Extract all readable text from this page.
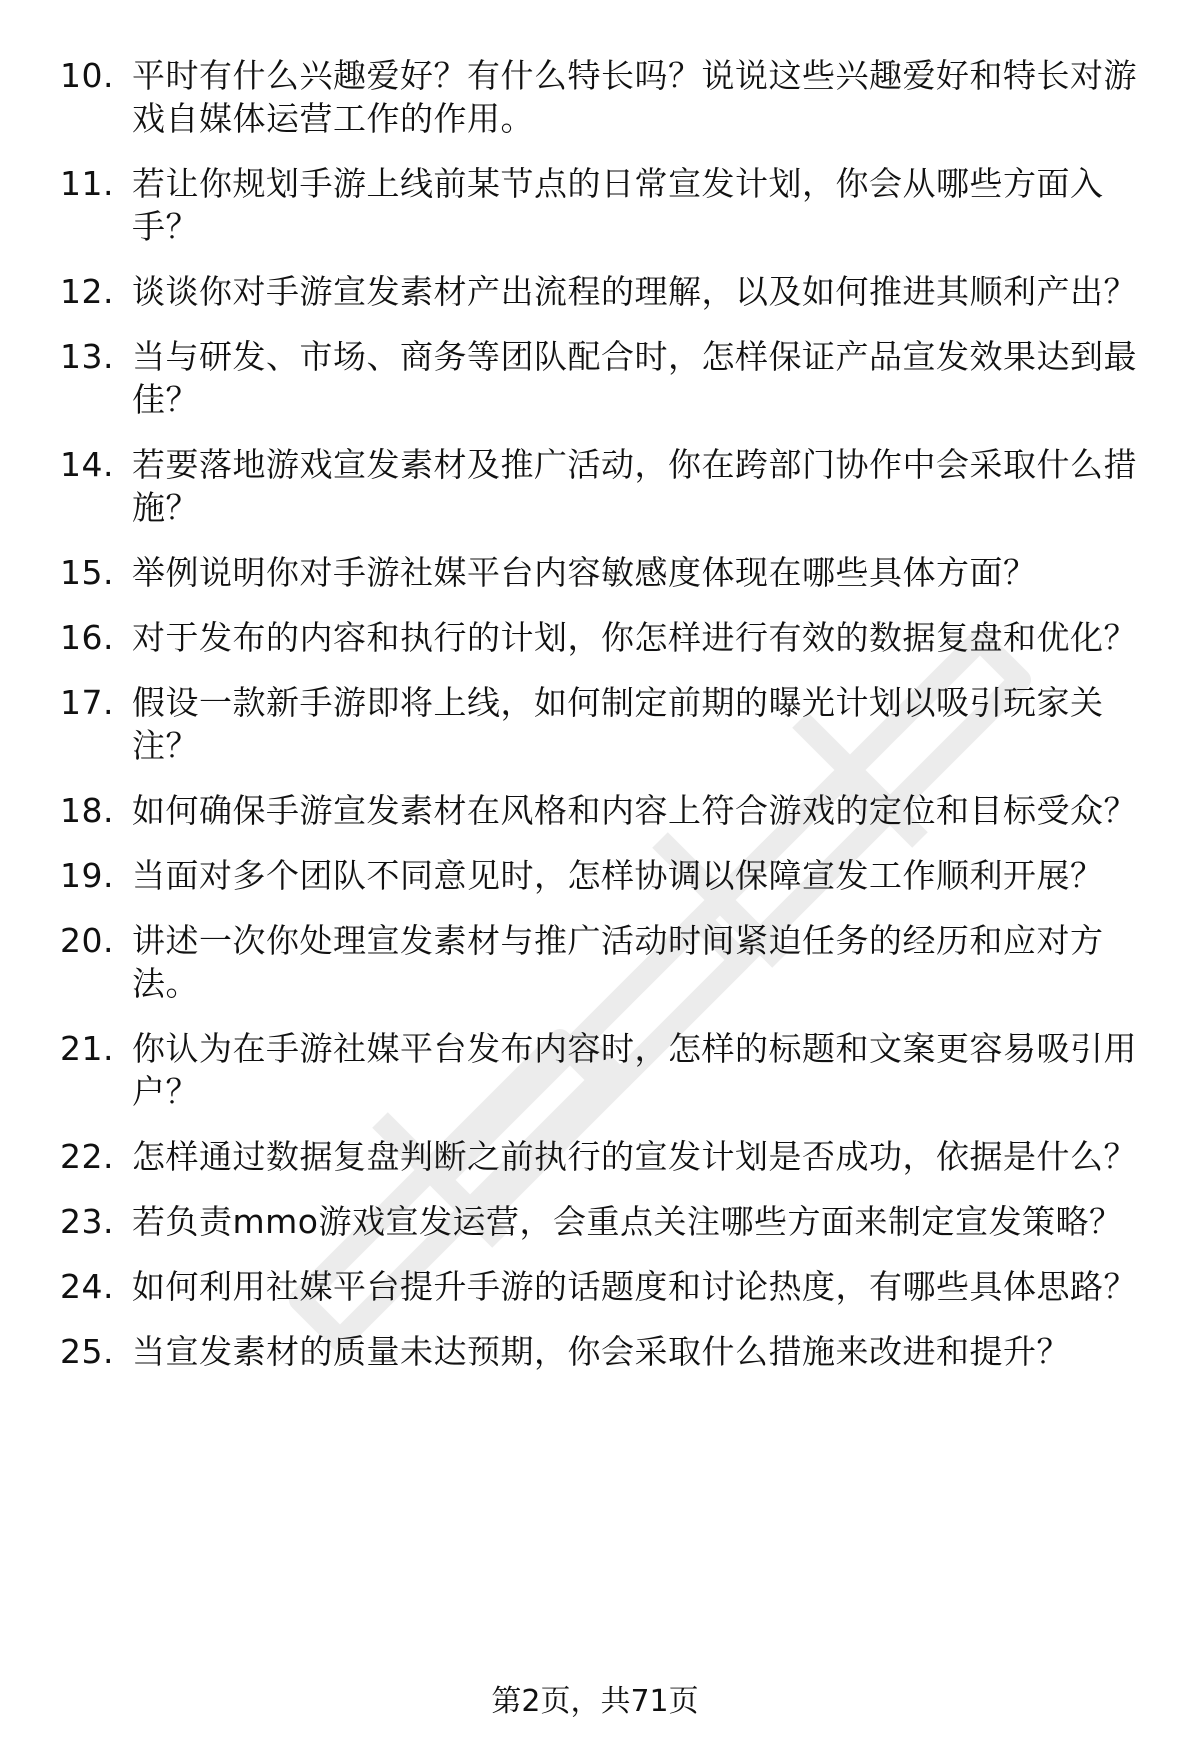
10. 平时有什么兴趣爱好？有什么特长吗？说说这些兴趣爱好和特长对游戏自媒体运营工作的作用。
11. 若让你规划手游上线前某节点的日常宣发计划，你会从哪些方面入手？
12. 谈谈你对手游宣发素材产出流程的理解，以及如何推进其顺利产出？
13. 当与研发、市场、商务等团队配合时，怎样保证产品宣发效果达到最佳？
14. 若要落地游戏宣发素材及推广活动，你在跨部门协作中会采取什么措施？
15. 举例说明你对手游社媒平台内容敏感度体现在哪些具体方面？
16. 对于发布的内容和执行的计划，你怎样进行有效的数据复盘和优化？
17. 假设一款新手游即将上线，如何制定前期的曝光计划以吸引玩家关注？
18. 如何确保手游宣发素材在风格和内容上符合游戏的定位和目标受众？
19. 当面对多个团队不同意见时，怎样协调以保障宣发工作顺利开展？
20. 讲述一次你处理宣发素材与推广活动时间紧迫任务的经历和应对方法。
21. 你认为在手游社媒平台发布内容时，怎样的标题和文案更容易吸引用户？
22. 怎样通过数据复盘判断之前执行的宣发计划是否成功，依据是什么？
23. 若负责mmo游戏宣发运营，会重点关注哪些方面来制定宣发策略？
24. 如何利用社媒平台提升手游的话题度和讨论热度，有哪些具体思路？
25. 当宣发素材的质量未达预期，你会采取什么措施来改进和提升？
第2页，共71页
